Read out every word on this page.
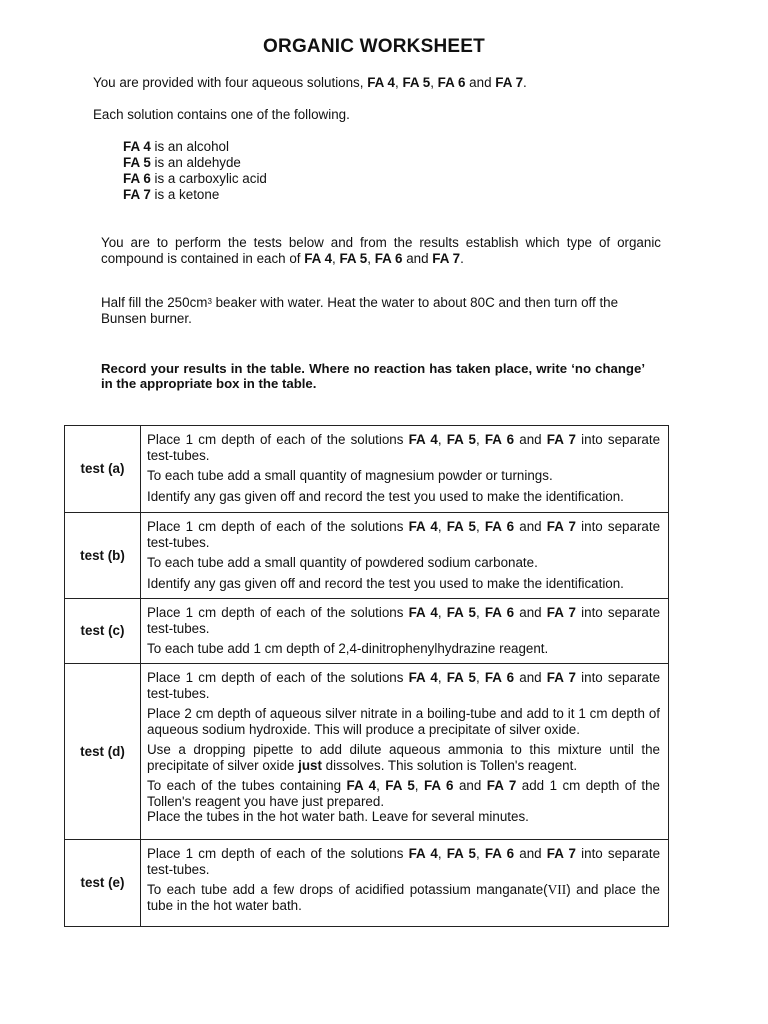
ORGANIC WORKSHEET

You are provided with four aqueous solutions, FA 4, FA 5, FA 6 and FA 7.

Each solution contains one of the following.

FA 4 is an alcohol
FA 5 is an aldehyde
FA 6 is a carboxylic acid
FA 7 is a ketone

You are to perform the tests below and from the results establish which type of organic compound is contained in each of FA 4, FA 5, FA 6 and FA 7.

Half fill the $250cm^3$ beaker with water. Heat the water to about 80C and then turn off the Bunsen burner.

Record your results in the table. Where no reaction has taken place, write ‘no change’ in the appropriate box in the table.

test (a)	Place 1 cm depth of each of the solutions FA 4, FA 5, FA 6 and FA 7 into separate test-tubes.
To each tube add a small quantity of magnesium powder or turnings.
Identify any gas given off and record the test you used to make the identification.

test (b)	Place 1 cm depth of each of the solutions FA 4, FA 5, FA 6 and FA 7 into separate test-tubes.
To each tube add a small quantity of powdered sodium carbonate.
Identify any gas given off and record the test you used to make the identification.

test (c)	Place 1 cm depth of each of the solutions FA 4, FA 5, FA 6 and FA 7 into separate test-tubes.
To each tube add 1 cm depth of 2,4-dinitrophenylhydrazine reagent.

test (d)	Place 1 cm depth of each of the solutions FA 4, FA 5, FA 6 and FA 7 into separate test-tubes.
Place 2 cm depth of aqueous silver nitrate in a boiling-tube and add to it 1 cm depth of aqueous sodium hydroxide. This will produce a precipitate of silver oxide.
Use a dropping pipette to add dilute aqueous ammonia to this mixture until the precipitate of silver oxide just dissolves. This solution is Tollen's reagent.
To each of the tubes containing FA 4, FA 5, FA 6 and FA 7 add 1 cm depth of the Tollen's reagent you have just prepared.
Place the tubes in the hot water bath. Leave for several minutes.

test (e)	Place 1 cm depth of each of the solutions FA 4, FA 5, FA 6 and FA 7 into separate test-tubes.
To each tube add a few drops of acidified potassium manganate(VII) and place the tube in the hot water bath.
